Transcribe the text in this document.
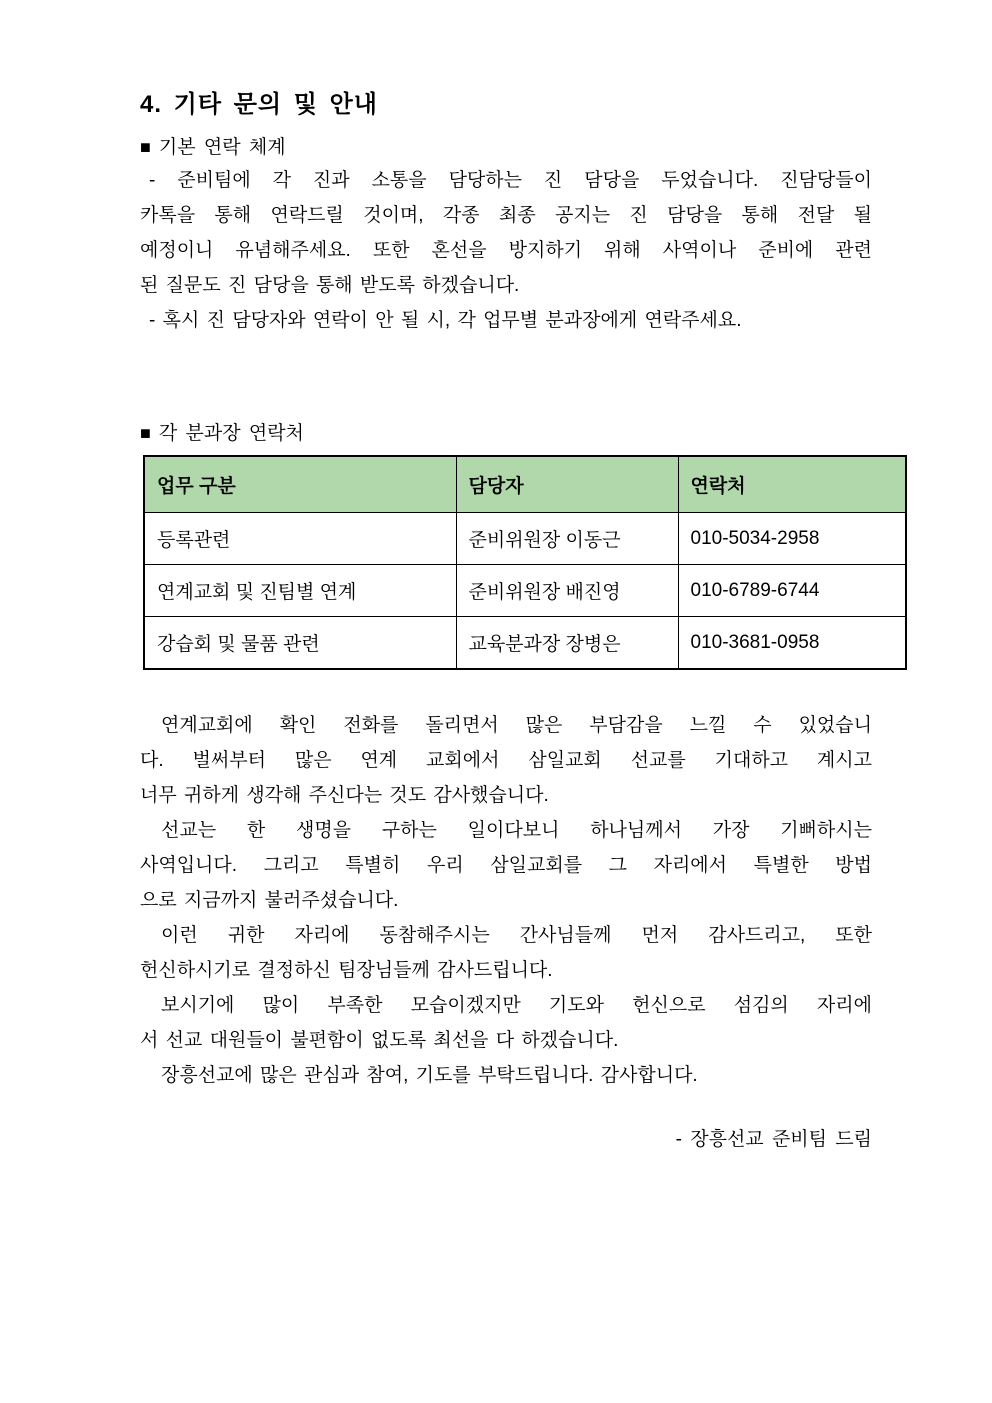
4. 기타 문의 및 안내
■ 기본 연락 체계
- 준비팀에 각 진과 소통을 담당하는 진 담당을 두었습니다. 진담당들이
카톡을 통해 연락드릴 것이며, 각종 최종 공지는 진 담당을 통해 전달 될
예정이니 유념해주세요. 또한 혼선을 방지하기 위해 사역이나 준비에 관련
된 질문도 진 담당을 통해 받도록 하겠습니다.
- 혹시 진 담당자와 연락이 안 될 시, 각 업무별 분과장에게 연락주세요.
■ 각 분과장 연락처
업무 구분	담당자	연락처
등록관련	준비위원장 이동근	010-5034-2958
연계교회 및 진팀별 연계	준비위원장 배진영	010-6789-6744
강습회 및 물품 관련	교육분과장 장병은	010-3681-0958
연계교회에 확인 전화를 돌리면서 많은 부담감을 느낄 수 있었습니
다. 벌써부터 많은 연계 교회에서 삼일교회 선교를 기대하고 계시고
너무 귀하게 생각해 주신다는 것도 감사했습니다.
선교는 한 생명을 구하는 일이다보니 하나님께서 가장 기뻐하시는
사역입니다. 그리고 특별히 우리 삼일교회를 그 자리에서 특별한 방법
으로 지금까지 불러주셨습니다.
이런 귀한 자리에 동참해주시는 간사님들께 먼저 감사드리고, 또한
헌신하시기로 결정하신 팀장님들께 감사드립니다.
보시기에 많이 부족한 모습이겠지만 기도와 헌신으로 섬김의 자리에
서 선교 대원들이 불편함이 없도록 최선을 다 하겠습니다.
장흥선교에 많은 관심과 참여, 기도를 부탁드립니다. 감사합니다.
- 장흥선교 준비팀 드림
